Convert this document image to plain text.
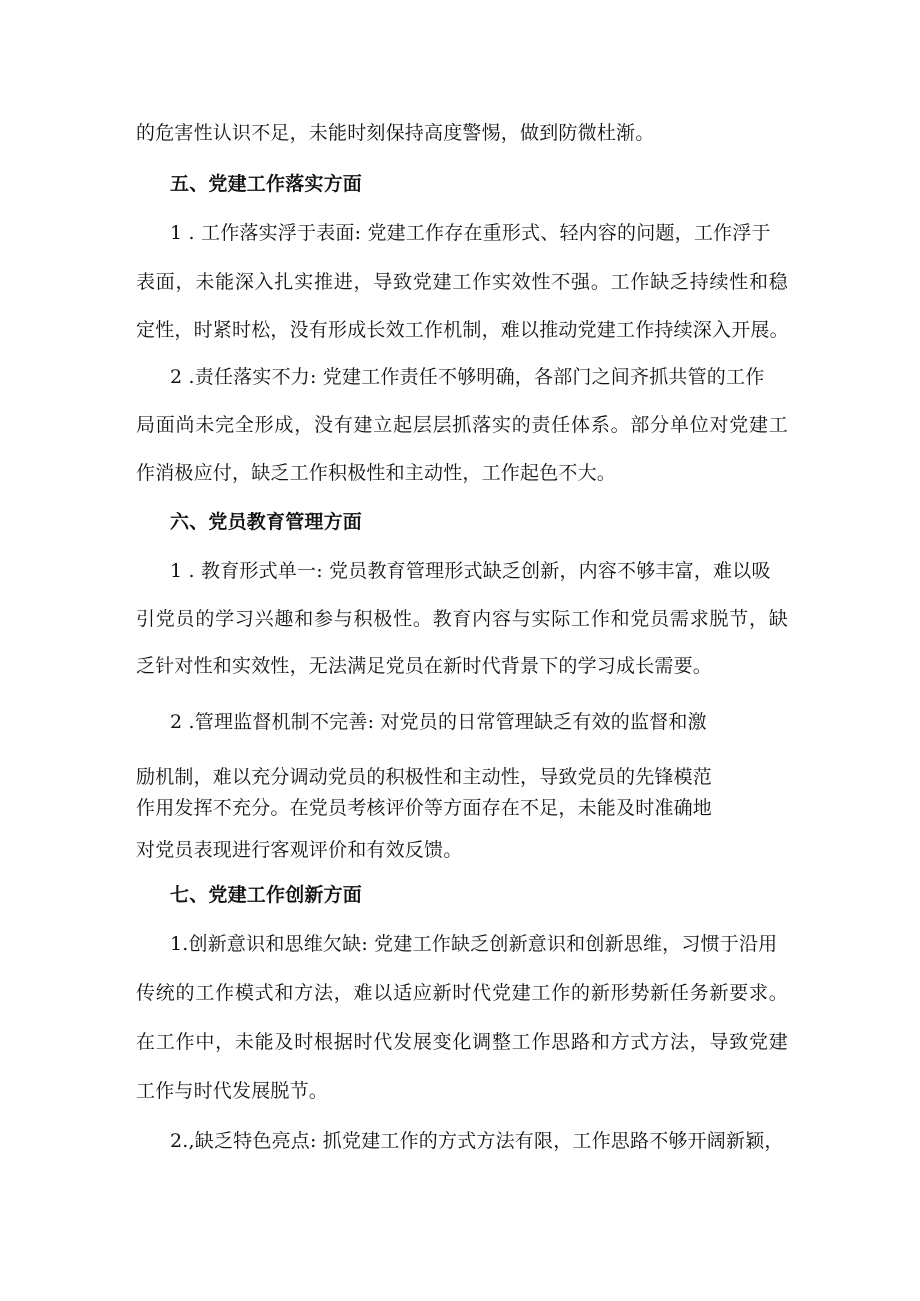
的危害性认识不足，未能时刻保持高度警惕，做到防微杜渐。
五、党建工作落实方面
1 . 工作落实浮于表面: 党建工作存在重形式、轻内容的问题，工作浮于
表面，未能深入扎实推进，导致党建工作实效性不强。工作缺乏持续性和稳
定性，时紧时松，没有形成长效工作机制，难以推动党建工作持续深入开展。
2 .责任落实不力: 党建工作责任不够明确，各部门之间齐抓共管的工作
局面尚未完全形成，没有建立起层层抓落实的责任体系。部分单位对党建工
作消极应付，缺乏工作积极性和主动性，工作起色不大。
六、党员教育管理方面
1 . 教育形式单一: 党员教育管理形式缺乏创新，内容不够丰富，难以吸
引党员的学习兴趣和参与积极性。教育内容与实际工作和党员需求脱节，缺
乏针对性和实效性，无法满足党员在新时代背景下的学习成长需要。
2 .管理监督机制不完善: 对党员的日常管理缺乏有效的监督和激
励机制，难以充分调动党员的积极性和主动性，导致党员的先锋模范
作用发挥不充分。在党员考核评价等方面存在不足，未能及时准确地
对党员表现进行客观评价和有效反馈。
七、党建工作创新方面
1.创新意识和思维欠缺: 党建工作缺乏创新意识和创新思维，习惯于沿用
传统的工作模式和方法，难以适应新时代党建工作的新形势新任务新要求。
在工作中，未能及时根据时代发展变化调整工作思路和方式方法，导致党建
工作与时代发展脱节。
2.,缺乏特色亮点: 抓党建工作的方式方法有限，工作思路不够开阔新颖，
